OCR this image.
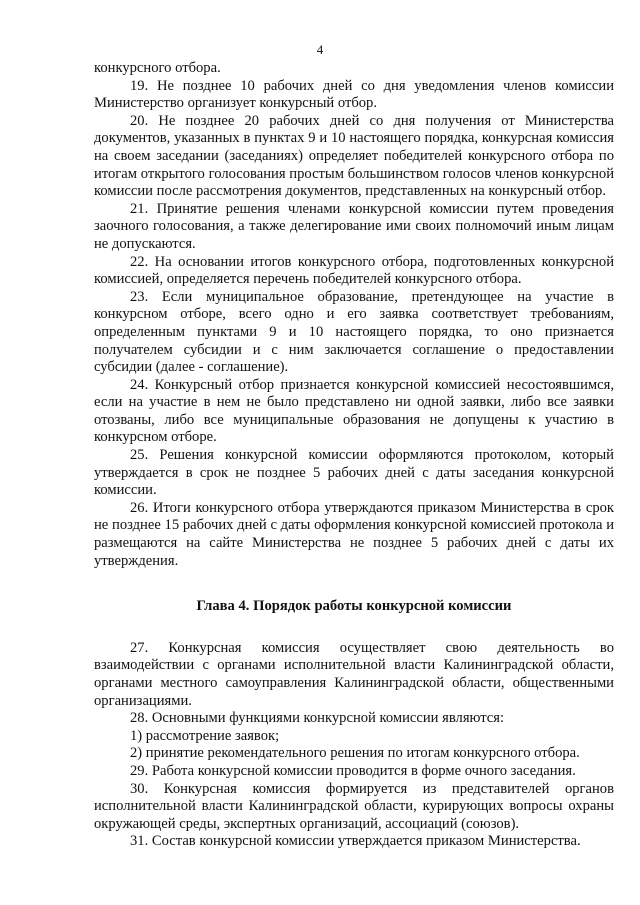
4

конкурсного отбора.

19. Не позднее 10 рабочих дней со дня уведомления членов комиссии Министерство организует конкурсный отбор.

20. Не позднее 20 рабочих дней со дня получения от Министерства документов, указанных в пунктах 9 и 10 настоящего порядка, конкурсная комиссия на своем заседании (заседаниях) определяет победителей конкурсного отбора по итогам открытого голосования простым большинством голосов членов конкурсной комиссии после рассмотрения документов, представленных на конкурсный отбор.

21. Принятие решения членами конкурсной комиссии путем проведения заочного голосования, а также делегирование ими своих полномочий иным лицам не допускаются.

22. На основании итогов конкурсного отбора, подготовленных конкурсной комиссией, определяется перечень победителей конкурсного отбора.

23. Если муниципальное образование, претендующее на участие в конкурсном отборе, всего одно и его заявка соответствует требованиям, определенным пунктами 9 и 10 настоящего порядка, то оно признается получателем субсидии и с ним заключается соглашение о предоставлении субсидии (далее - соглашение).

24. Конкурсный отбор признается конкурсной комиссией несостоявшимся, если на участие в нем не было представлено ни одной заявки, либо все заявки отозваны, либо все муниципальные образования не допущены к участию в конкурсном отборе.

25. Решения конкурсной комиссии оформляются протоколом, который утверждается в срок не позднее 5 рабочих дней с даты заседания конкурсной комиссии.

26. Итоги конкурсного отбора утверждаются приказом Министерства в срок не позднее 15 рабочих дней с даты оформления конкурсной комиссией протокола и размещаются на сайте Министерства не позднее 5 рабочих дней с даты их утверждения.

Глава 4. Порядок работы конкурсной комиссии

27. Конкурсная комиссия осуществляет свою деятельность во взаимодействии с органами исполнительной власти Калининградской области, органами местного самоуправления Калининградской области, общественными организациями.

28. Основными функциями конкурсной комиссии являются:

1) рассмотрение заявок;

2) принятие рекомендательного решения по итогам конкурсного отбора.

29. Работа конкурсной комиссии проводится в форме очного заседания.

30. Конкурсная комиссия формируется из представителей органов исполнительной власти Калининградской области, курирующих вопросы охраны окружающей среды, экспертных организаций, ассоциаций (союзов).

31. Состав конкурсной комиссии утверждается приказом Министерства.
